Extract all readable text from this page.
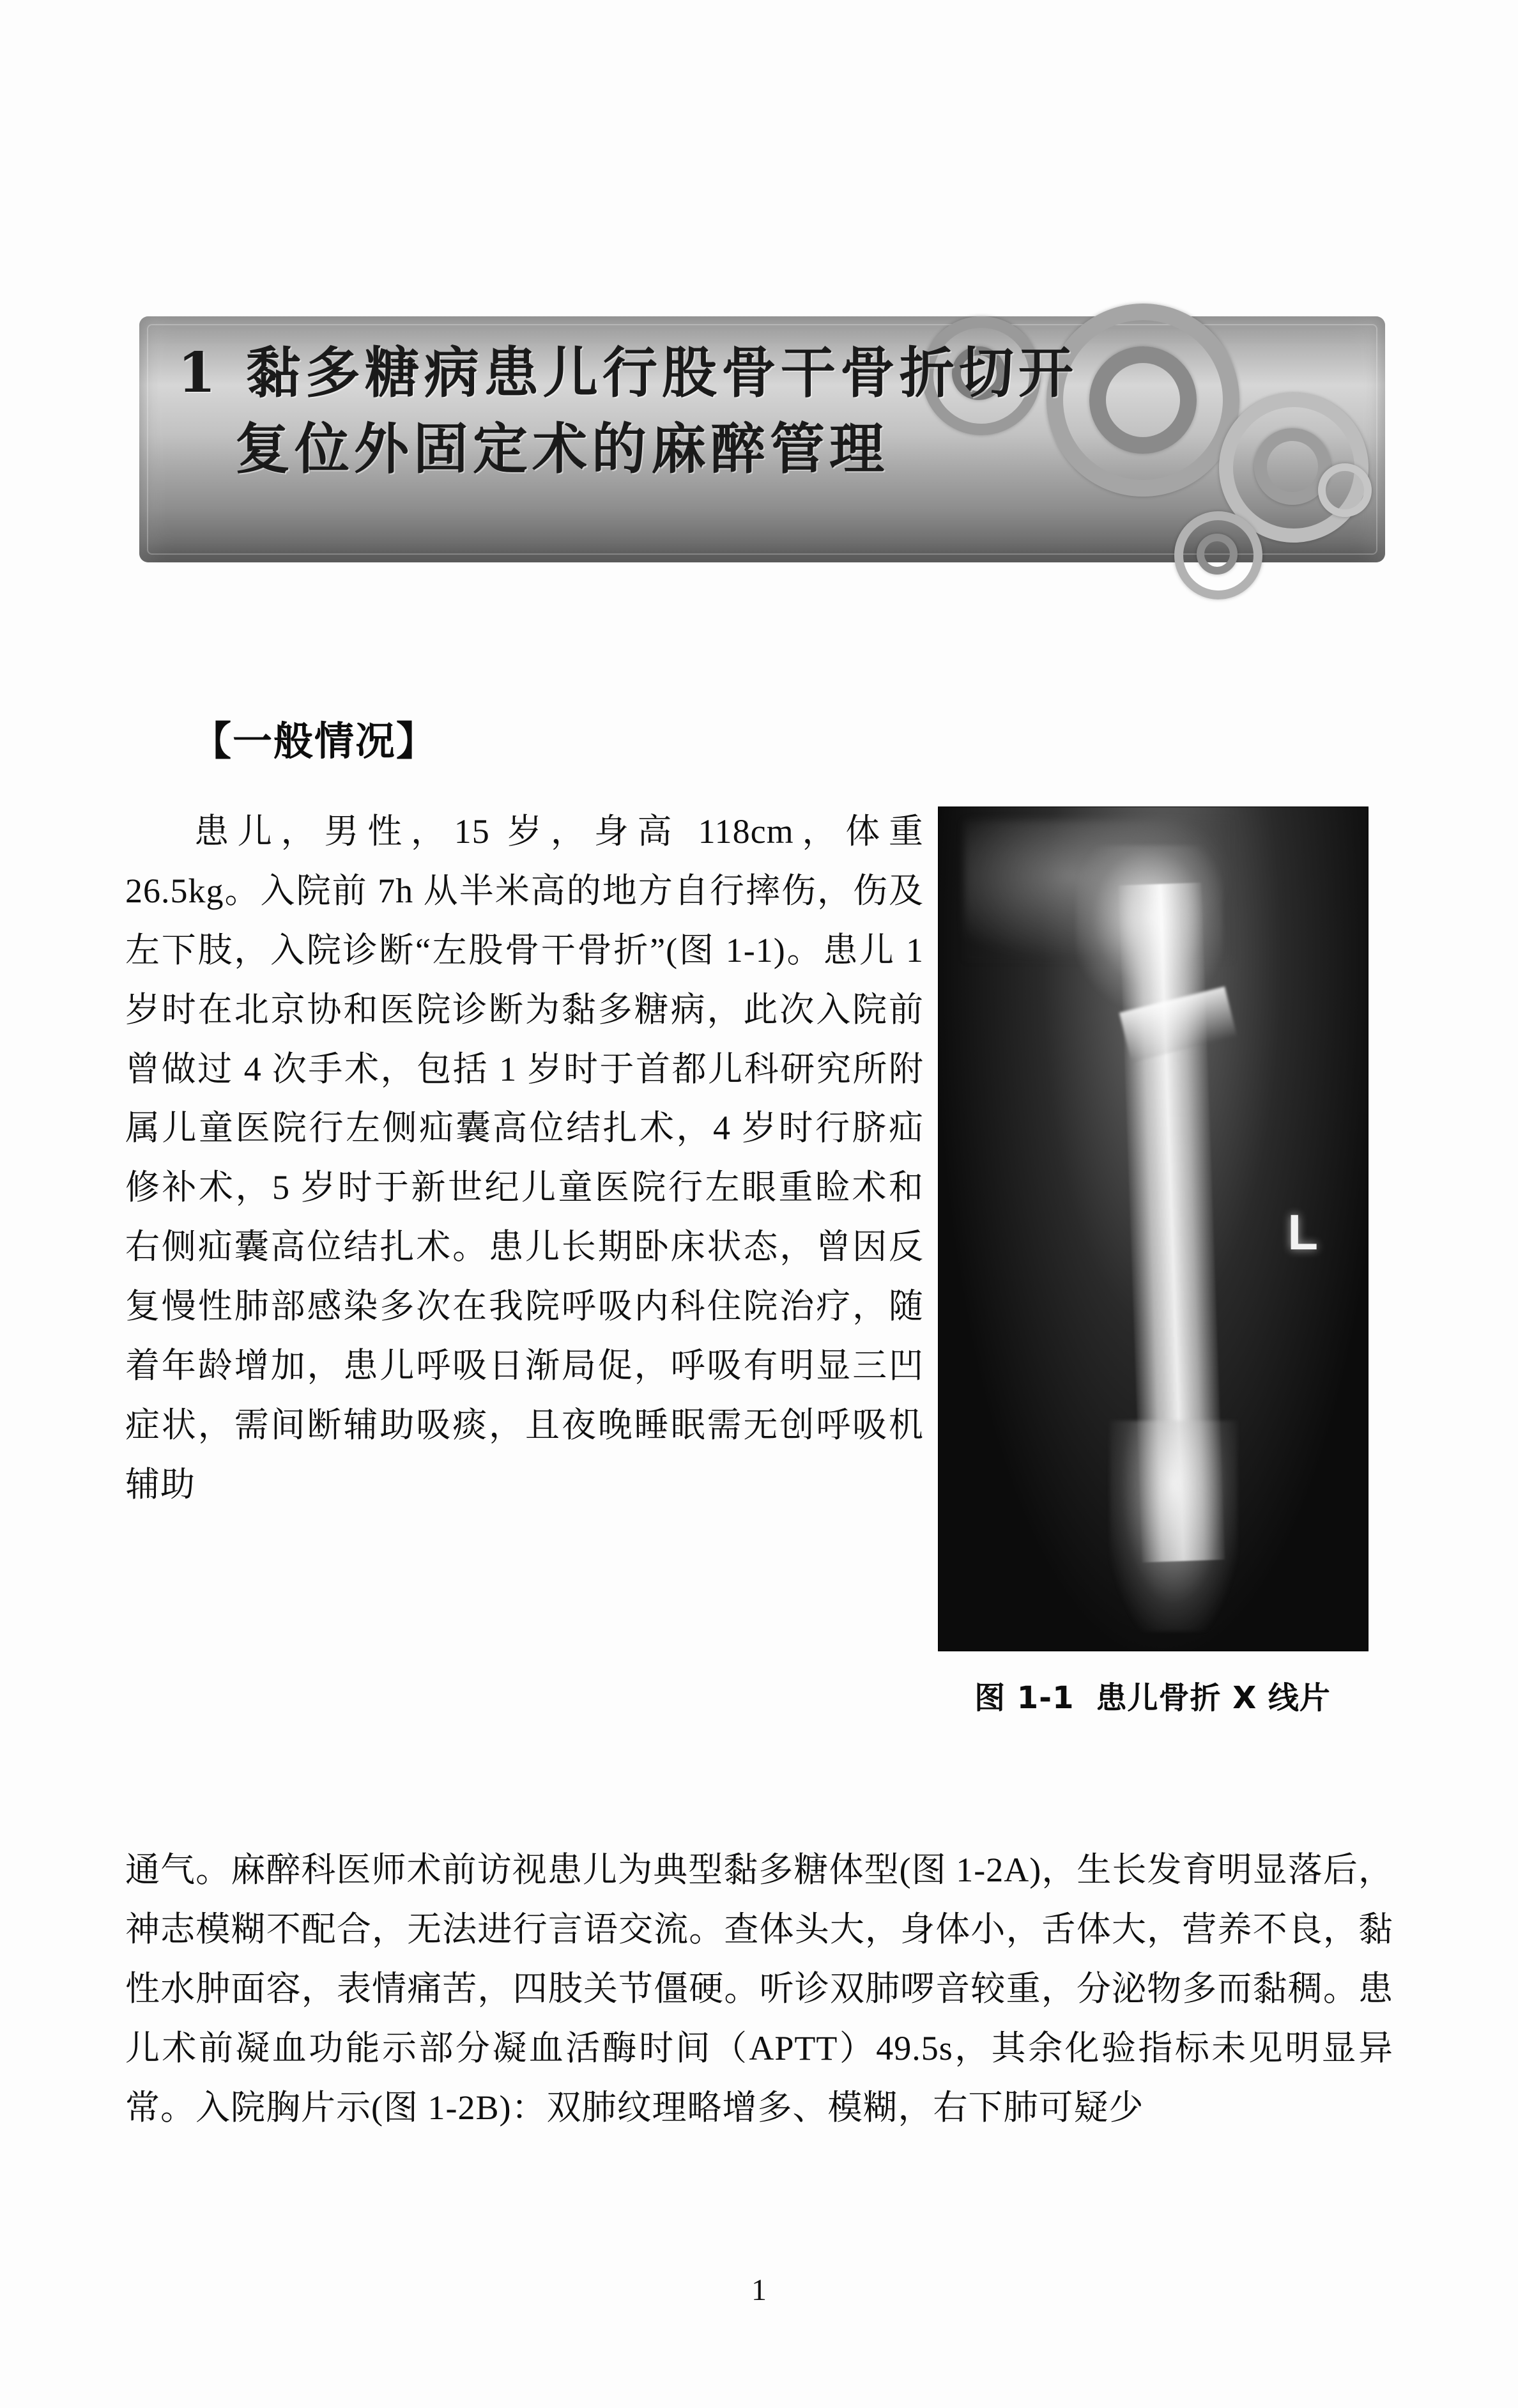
1 黏多糖病患儿行股骨干骨折切开
复位外固定术的麻醉管理
【一般情况】

患儿，男性，15 岁，身高 118cm，体重 26.5kg。入院前 7h 从半米高的地方自行摔伤，伤及左下肢，入院诊断“左股骨干骨折”(图 1-1)。患儿 1 岁时在北京协和医院诊断为黏多糖病，此次入院前曾做过 4 次手术，包括 1 岁时于首都儿科研究所附属儿童医院行左侧疝囊高位结扎术，4 岁时行脐疝修补术，5 岁时于新世纪儿童医院行左眼重睑术和右侧疝囊高位结扎术。患儿长期卧床状态，曾因反复慢性肺部感染多次在我院呼吸内科住院治疗，随着年龄增加，患儿呼吸日渐局促，呼吸有明显三凹症状，需间断辅助吸痰，且夜晚睡眠需无创呼吸机辅助

L
图 1-1 患儿骨折 X 线片

通气。麻醉科医师术前访视患儿为典型黏多糖体型(图 1-2A)，生长发育明显落后，神志模糊不配合，无法进行言语交流。查体头大，身体小，舌体大，营养不良，黏性水肿面容，表情痛苦，四肢关节僵硬。听诊双肺啰音较重，分泌物多而黏稠。患儿术前凝血功能示部分凝血活酶时间（APTT）49.5s，其余化验指标未见明显异常。入院胸片示(图 1-2B)：双肺纹理略增多、模糊，右下肺可疑少

1
